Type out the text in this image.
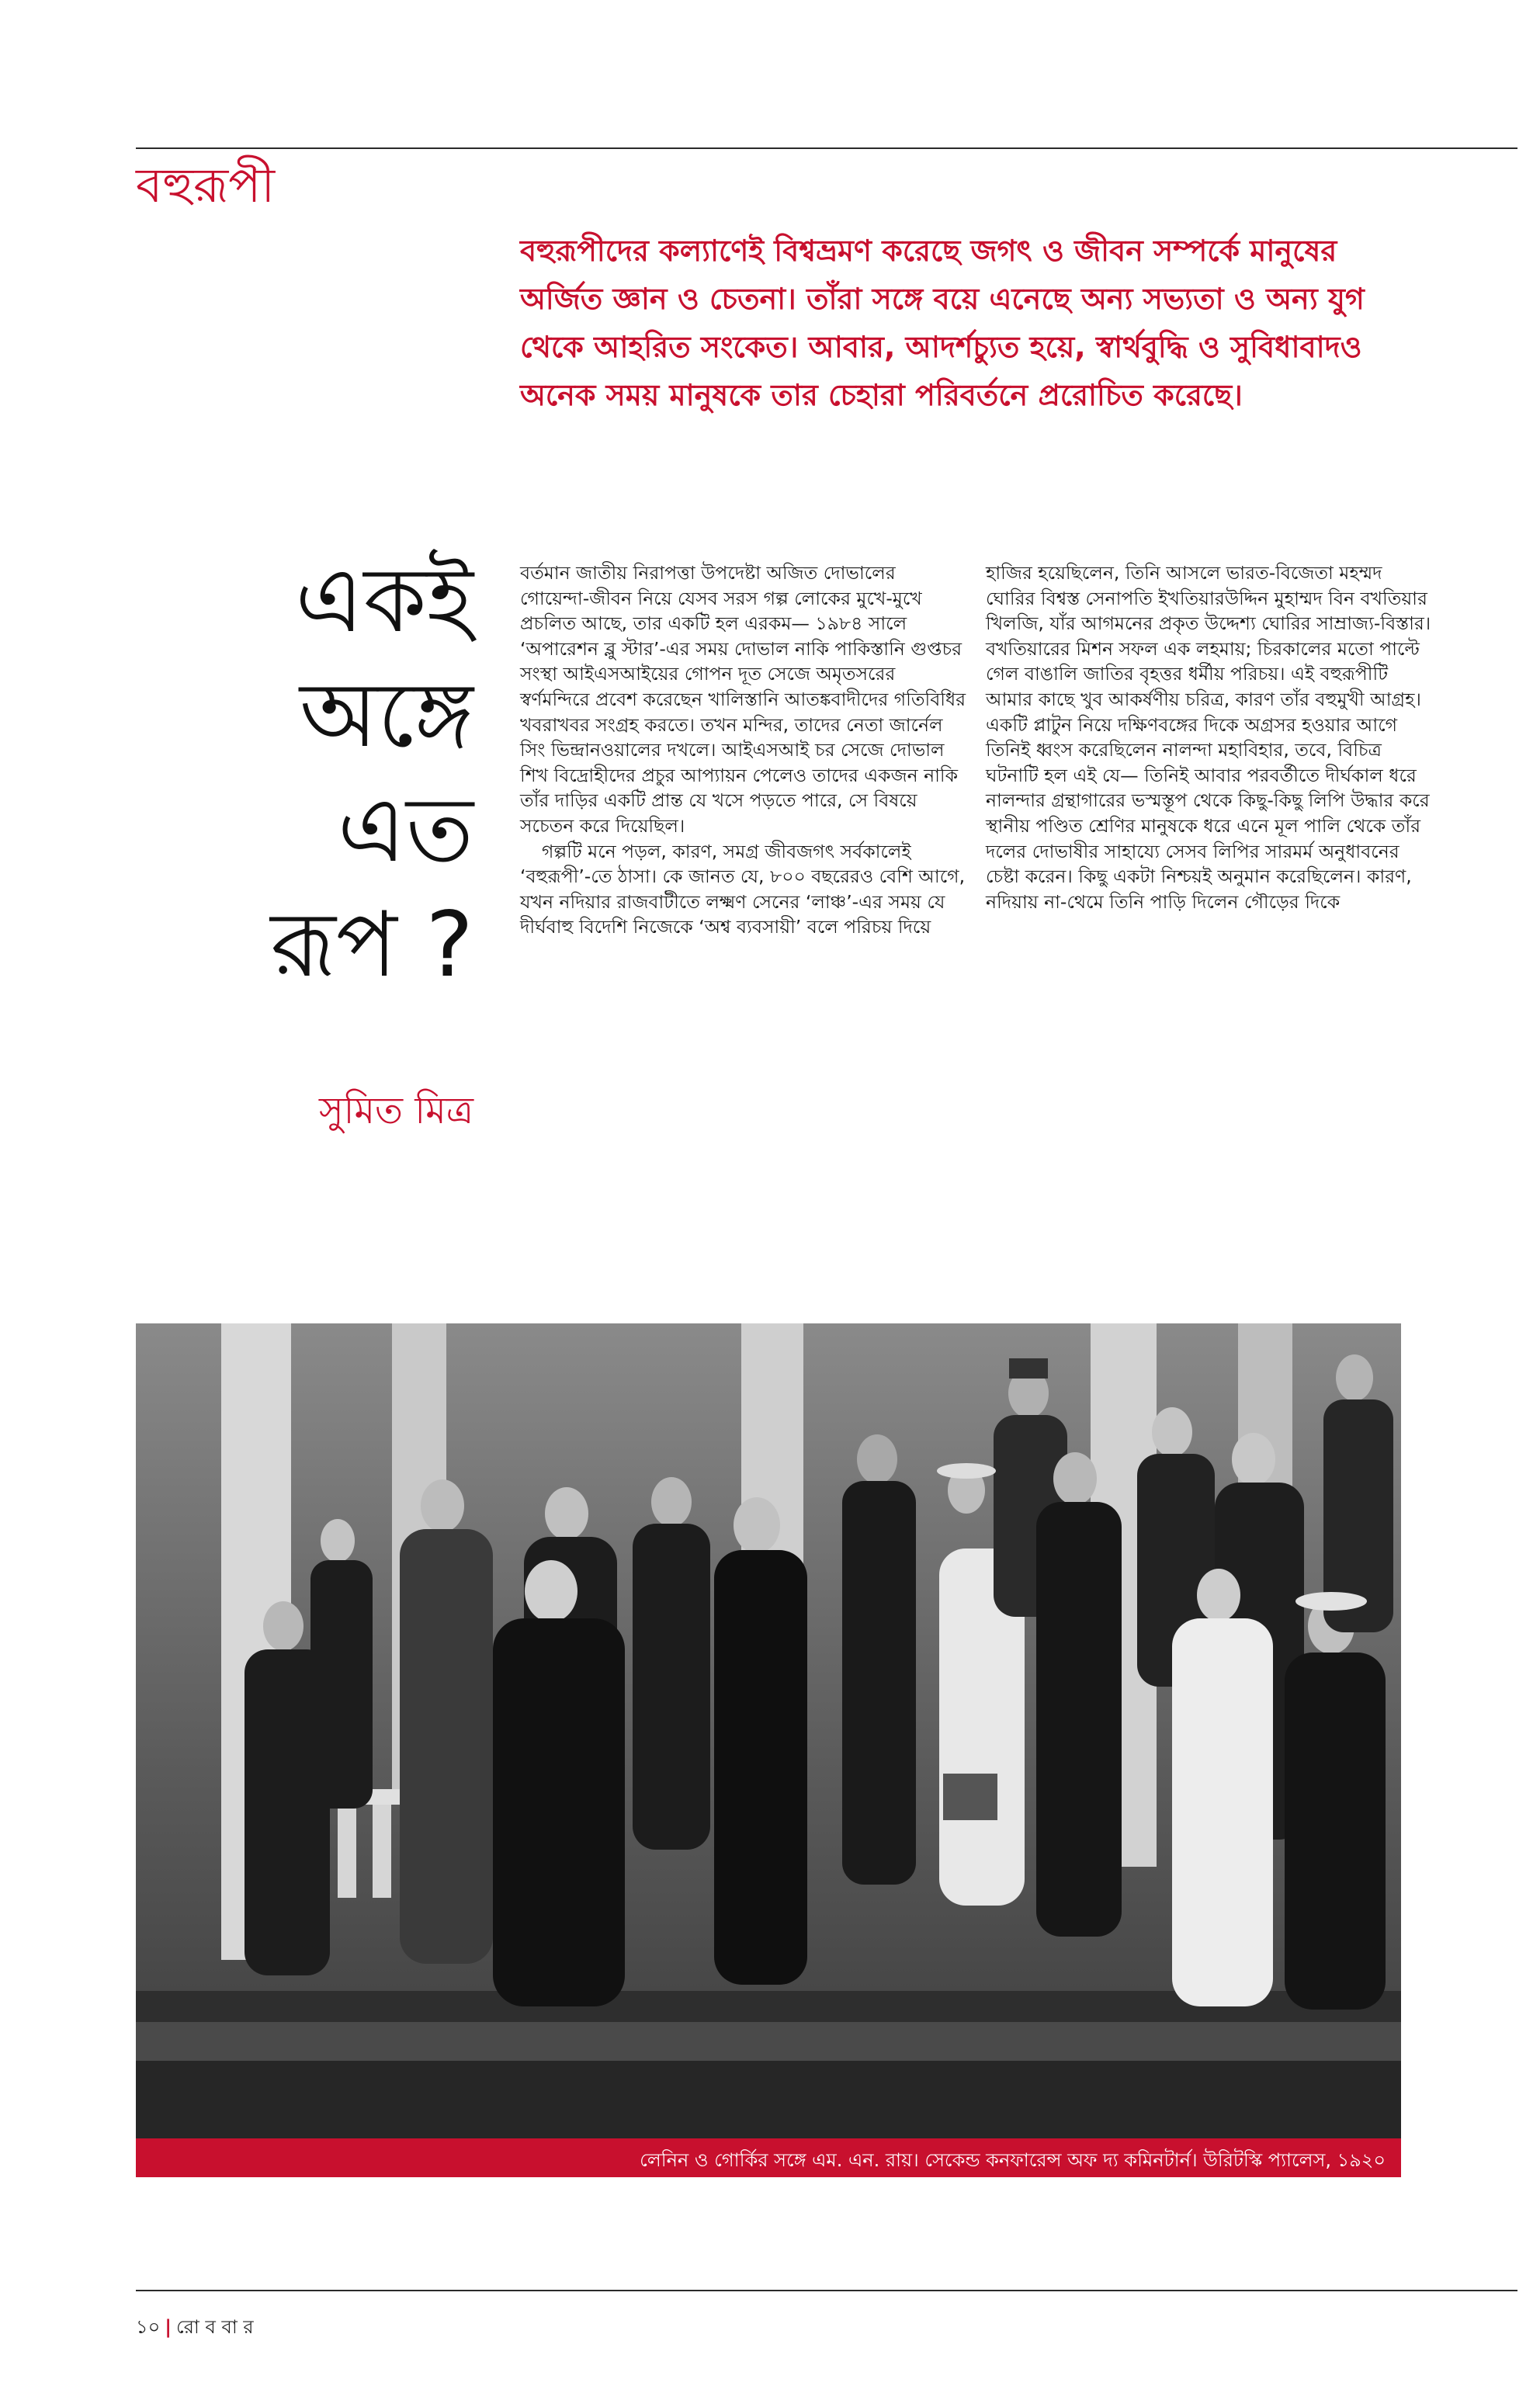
বহুরূপী

বহুরূপীদের কল্যাণেই বিশ্বভ্রমণ করেছে জগৎ ও জীবন সম্পর্কে মানুষের অর্জিত জ্ঞান ও চেতনা। তাঁরা সঙ্গে বয়ে এনেছে অন্য সভ্যতা ও অন্য যুগ থেকে আহরিত সংকেত। আবার, আদর্শচ্যুত হয়ে, স্বার্থবুদ্ধি ও সুবিধাবাদও অনেক সময় মানুষকে তার চেহারা পরিবর্তনে প্ররোচিত করেছে।

একই
অঙ্গে
এত
রূপ ?
সুমিত মিত্র

বর্তমান জাতীয় নিরাপত্তা উপদেষ্টা অজিত দোভালের গোয়েন্দা-জীবন নিয়ে যেসব সরস গল্প লোকের মুখে-মুখে প্রচলিত আছে, তার একটি হল এরকম— ১৯৮৪ সালে ‘অপারেশন ব্লু স্টার’-এর সময় দোভাল নাকি পাকিস্তানি গুপ্তচর সংস্থা আইএসআইয়ের গোপন দূত সেজে অমৃতসরের স্বর্ণমন্দিরে প্রবেশ করেছেন খালিস্তানি আতঙ্কবাদীদের গতিবিধির খবরাখবর সংগ্রহ করতে। তখন মন্দির, তাদের নেতা জার্নেল সিং ভিন্দ্রানওয়ালের দখলে। আইএসআই চর সেজে দোভাল শিখ বিদ্রোহীদের প্রচুর আপ্যায়ন পেলেও তাদের একজন নাকি তাঁর দাড়ির একটি প্রান্ত যে খসে পড়তে পারে, সে বিষয়ে সচেতন করে দিয়েছিল।

গল্পটি মনে পড়ল, কারণ, সমগ্র জীবজগৎ সর্বকালেই ‘বহুরূপী’-তে ঠাসা। কে জানত যে, ৮০০ বছরেরও বেশি আগে, যখন নদিয়ার রাজবাটীতে লক্ষ্মণ সেনের ‘লাঞ্চ’-এর সময় যে দীর্ঘবাহু বিদেশি নিজেকে ‘অশ্ব ব্যবসায়ী’ বলে পরিচয় দিয়ে

হাজির হয়েছিলেন, তিনি আসলে ভারত-বিজেতা মহম্মদ ঘোরির বিশ্বস্ত সেনাপতি ইখতিয়ারউদ্দিন মুহাম্মদ বিন বখতিয়ার খিলজি, যাঁর আগমনের প্রকৃত উদ্দেশ্য ঘোরির সাম্রাজ্য-বিস্তার। বখতিয়ারের মিশন সফল এক লহমায়; চিরকালের মতো পাল্টে গেল বাঙালি জাতির বৃহত্তর ধর্মীয় পরিচয়। এই বহুরূপীটি আমার কাছে খুব আকর্ষণীয় চরিত্র, কারণ তাঁর বহুমুখী আগ্রহ। একটি প্লাটুন নিয়ে দক্ষিণবঙ্গের দিকে অগ্রসর হওয়ার আগে তিনিই ধ্বংস করেছিলেন নালন্দা মহাবিহার, তবে, বিচিত্র ঘটনাটি হল এই যে— তিনিই আবার পরবর্তীতে দীর্ঘকাল ধরে নালন্দার গ্রন্থাগারের ভস্মস্তূপ থেকে কিছু-কিছু লিপি উদ্ধার করে স্থানীয় পণ্ডিত শ্রেণির মানুষকে ধরে এনে মূল পালি থেকে তাঁর দলের দোভাষীর সাহায্যে সেসব লিপির সারমর্ম অনুধাবনের চেষ্টা করেন। কিছু একটা নিশ্চয়ই অনুমান করেছিলেন। কারণ, নদিয়ায় না-থেমে তিনি পাড়ি দিলেন গৌড়ের দিকে

লেনিন ও গোর্কির সঙ্গে এম. এন. রায়। সেকেন্ড কনফারেন্স অফ দ্য কমিনটার্ন। উরিটস্কি প্যালেস, ১৯২০
১০ | রো ব বা র
